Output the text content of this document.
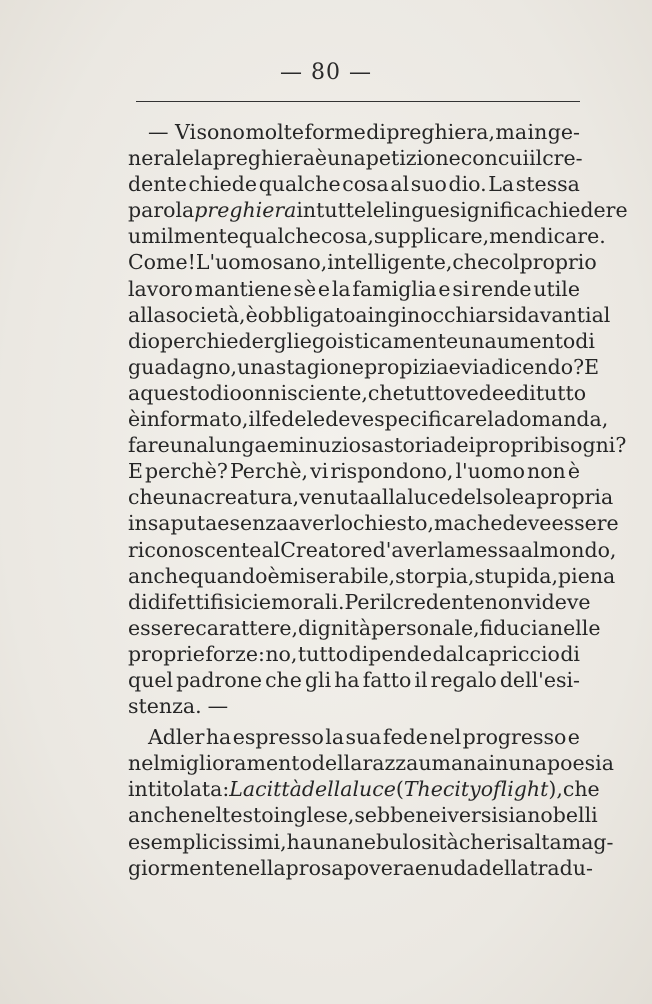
— 80 —
— Vi sono molte forme di preghiera, ma in ge-
nerale la preghiera è una petizione con cui il cre-
dente chiede qualche cosa al suo dio. La stessa
parola preghiera in tutte le lingue significa chiedere
umilmente qualche cosa, supplicare, mendicare.
Come! L'uomo sano, intelligente, che col proprio
lavoro mantiene sè e la famiglia e si rende utile
alla società, è obbligato a inginocchiarsi davanti al
dio per chiedergli egoisticamente un aumento di
guadagno, una stagione propizia e via dicendo? E
a questo dio onnisciente, che tutto vede e di tutto
è informato, il fedele deve specificare la domanda,
fare una lunga e minuziosa storia dei propri bisogni?
E perchè? Perchè, vi rispondono, l'uomo non è
che una creatura, venuta alla luce del sole a propria
insaputa e senza averlo chiesto, ma che deve essere
riconoscente al Creatore d'averla messa al mondo,
anche quando è miserabile, storpia, stupida, piena
di difetti fisici e morali. Per il credente non vi deve
essere carattere, dignità personale, fiducia nelle
proprie forze: no, tutto dipende dal capriccio di
quel padrone che gli ha fatto il regalo dell'esi-
stenza. —
Adler ha espresso la sua fede nel progresso e
nel miglioramento della razza umana in una poesia
intitolata: La città della luce (The city of light), che
anche nel testo inglese, sebbene i versi siano belli
e semplicissimi, ha una nebulosità che risalta mag-
giormente nella prosa povera e nuda della tradu-
